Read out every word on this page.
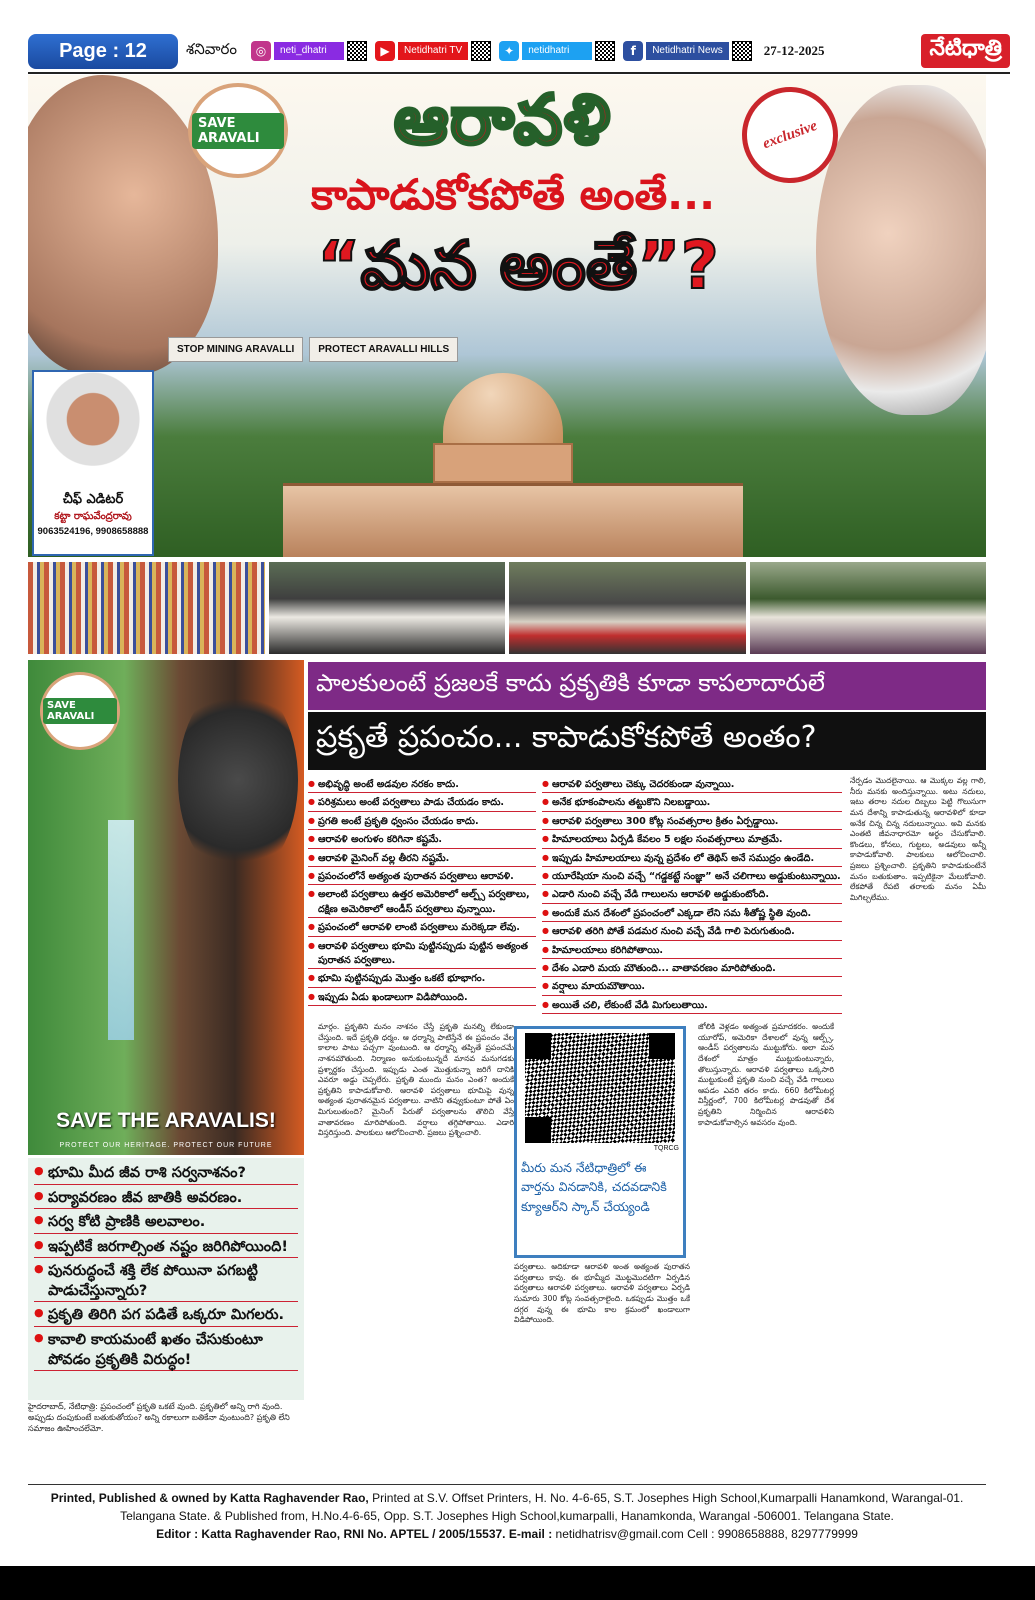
Page : 12	శనివారం	◎	neti_dhatri	▶	Netidhatri TV	✦	netidhatri	f	Netidhatri News	27-12-2025	నేటిధాత్రి
SAVE ARAVALI	exclusive
ఆరావళి
కాపాడుకోకపోతే అంతే...
“మన అంతే”?
STOP MINING ARAVALLI	PROTECT ARAVALLI HILLS
చీఫ్ ఎడిటర్
కట్టా రాఘవేంద్రరావు
9063524196, 9908658888
SAVE ARAVALI
SAVE THE ARAVALIS!
PROTECT OUR HERITAGE. PROTECT OUR FUTURE
● భూమి మీద జీవ రాశి సర్వనాశనం?
● పర్యావరణం జీవ జాతికి అవరణం.
● సర్వ కోటి ప్రాణికి అలవాలం.
● ఇప్పటికే జరగాల్సింత నష్టం జరిగిపోయింది!
● పునరుద్ధంచే శక్తి లేక పోయినా పగబట్టి పాడుచేస్తున్నారు?
● ప్రకృతి తిరిగి పగ పడితే ఒక్కరూ మిగలరు.
● కావాలి కాయమంటే ఖతం చేసుకుంటూ పోవడం ప్రకృతికి విరుద్ధం!
హైదరాబాద్, నేటిధాత్రి: ప్రపంచంలో ప్రకృతి ఒకటే వుంది. ప్రకృతిలో అన్ని రాగి వుంది. అప్పుడు దంపుకుంటే బతుకుతోయం? అన్ని రకాలుగా బతికేనా వుంటుంది? ప్రకృతి లేని సమాజం ఊహించలేమో.
పాలకులంటే ప్రజలకే కాదు ప్రకృతికి కూడా కాపలాదారులే
ప్రకృతే ప్రపంచం... కాపాడుకోకపోతే అంతం?
● అభివృద్ధి అంటే అడవుల నరకం కాదు.
● పరిశ్రమలు అంటే పర్వతాలు పాడు చేయడం కాదు.
● ప్రగతి అంటే ప్రకృతి ధ్వంసం చేయడం కాదు.
● ఆరావళి అంగుళం కరిగినా కష్టమే.
● ఆరావళి మైనింగ్ వల్ల తీరని నష్టమే.
● ప్రపంచంలోనే అత్యంత పురాతన పర్వతాలు ఆరావళి.
● అలాంటి పర్వతాలు ఉత్తర అమెరికాలో ఆల్ప్స్ పర్వతాలు, దక్షిణ అమెరికాలో ఆండీస్ పర్వతాలు వున్నాయి.
● ప్రపంచంలో ఆరావళి లాంటి పర్వతాలు మరెక్కడా లేవు.
● ఆరావళి పర్వతాలు భూమి పుట్టినప్పుడు పుట్టిన అత్యంత పురాతన పర్వతాలు.
● భూమి పుట్టినప్పుడు మొత్తం ఒకటే భూభాగం.
● ఇప్పుడు ఏడు ఖండాలుగా విడిపోయింది.
● ఆరావళి పర్వతాలు చెక్కు చెదరకుండా వున్నాయి.
● అనేక భూకంపాలను తట్టుకొని నిలబడ్డాయి.
● ఆరావళి పర్వతాలు 300 కోట్ల సంవత్సరాల క్రితం ఏర్పడ్డాయి.
● హిమాలయాలు ఏర్పడి కేవలం 5 లక్షల సంవత్సరాలు మాత్రమే.
● ఇప్పుడు హిమాలయాలు వున్న ప్రదేశం లో తెథిస్ అనే సముద్రం ఉండేది.
● యూరేషియా నుంచి వచ్చే “గడ్డకట్టే సంజ్ఞా” అనే చలిగాలు అడ్డుకుంటున్నాయి.
● ఎడారి నుంచి వచ్చే వేడి గాలులను ఆరావళి అడ్డుకుంటోంది.
● అందుకే మన దేశంలో ప్రపంచంలో ఎక్కడా లేని సమ శీతోష్ణ స్థితి వుంది.
● ఆరావళి తరిగి పోతే పడమర నుంచి వచ్చే వేడి గాలి పెరుగుతుంది.
● హిమాలయాలు కరిగిపోతాయి.
● దేశం ఎడారి మయ మౌతుంది... వాతావరణం మారిపోతుంది.
● వర్షాలు మాయమౌతాయి.
● అయితే చలి, లేకుంటే వేడి మిగులుతాయి.
మార్గం. ప్రకృతిని మనం నాశనం చేస్తే ప్రకృతి మనల్ని లేకుండా చేస్తుంది. ఇదే ప్రకృతి ధర్మం. ఆ ధర్మాన్ని పాటిస్తేనే ఈ ప్రపంచం వేల కాలాల పాటు పచ్చగా వుంటుంది. ఆ ధర్మాన్ని తప్పితే ప్రపంచమే నాశనమౌతుంది. నిర్మాణం అనుకుంటున్నదే మానవ మనుగడకు ప్రశ్నార్థకం చేస్తుంది. ఇప్పుడు ఎంత మొత్తుకున్నా జరిగే దానికి ఎవరూ అడ్డు చెప్పలేరు. ప్రకృతి ముందు మనం ఎంత? అందుకే ప్రకృతిని కాపాడుకోవాలి. ఆరావళి పర్వతాలు భూమిపై వున్న అత్యంత పురాతనమైన పర్వతాలు. వాటిని తవ్వుకుంటూ పోతే ఏం మిగులుతుంది? మైనింగ్ పేరుతో పర్వతాలను తొలిచి వేస్తే వాతావరణం మారిపోతుంది. వర్షాలు తగ్గిపోతాయి. ఎడారి విస్తరిస్తుంది. పాలకులు ఆలోచించాలి. ప్రజలు ప్రశ్నించాలి.
TQRCG
మీరు మన నేటిధాత్రిలో ఈ వార్తను వినడానికి, చదవడానికి క్యూఆర్‌ని స్కాన్ చేయ్యండి
పర్వతాలు. అదికూడా ఆరావళి అంత అత్యంత పురాతన పర్వతాలు కావు. ఈ భూమ్మీద మొట్టమొదటిగా ఏర్పడిన పర్వతాలు ఆరావళి పర్వతాలు. ఆరావళి పర్వతాలు ఏర్పడి సుమారు 300 కోట్ల సంవత్సరాలైంది. ఒకప్పుడు మొత్తం ఒకే దగ్గర వున్న ఈ భూమి కాల క్రమంలో ఖండాలుగా విడిపోయింది.
జోలికి వెళ్లడం అత్యంత ప్రమాదకరం. అందుకే యూరోప్, అమెరికా దేశాలలో వున్న ఆల్ప్స్, ఆండీస్ పర్వతాలను ముట్టుకోరు. అలా మన దేశంలో మాత్రం ముట్టుకుంటున్నారు, తొలుస్తున్నారు. ఆరావళి పర్వతాలు ఒక్కసారి ముట్టుకుంటే ప్రకృతి నుంచి వచ్చే వేడి గాలులు ఆపడం ఎవరి తరం కాదు. 660 కిలోమీటర్ల విస్తీర్ణంలో, 700 కిలోమీటర్ల పొడవుతో దేశ ప్రకృతిని నిర్మించిన ఆరావళిని కాపాడుకోవాల్సిన అవసరం వుంది.
నేర్పడం మొదలైనాయి. ఆ మొక్కల వల్ల గాలి, నీరు మనకు అందిస్తున్నాయి. అటు నదులు, ఇటు తరాల నదుల దిబ్బలు పెట్టి గొలుసుగా మన దేశాన్ని కాపాడుతున్న ఆరావళిలో కూడా అనేక చిన్న చిన్న నదులున్నాయి. అవి మనకు ఎంతటి జీవనాధారమో అర్థం చేసుకోవాలి. కొండలు, కోనలు, గుట్టలు, అడవులు అన్నీ కాపాడుకోవాలి. పాలకులు ఆలోచించాలి. ప్రజలు ప్రశ్నించాలి. ప్రకృతిని కాపాడుకుంటేనే మనం బతుకుతాం. ఇప్పటికైనా మేలుకోవాలి. లేకపోతే రేపటి తరాలకు మనం ఏమీ మిగిల్చలేము.
Printed, Published & owned by Katta Raghavender Rao, Printed at S.V. Offset Printers, H. No. 4-6-65, S.T. Josephes High School,Kumarpalli Hanamkond, Warangal-01.
Telangana State. & Published from, H.No.4-6-65, Opp. S.T. Josephes High School,kumarpalli, Hanamkonda, Warangal -506001. Telangana State.
Editor : Katta Raghavender Rao, RNI No. APTEL / 2005/15537. E-mail : netidhatrisv@gmail.com Cell : 9908658888, 8297779999
